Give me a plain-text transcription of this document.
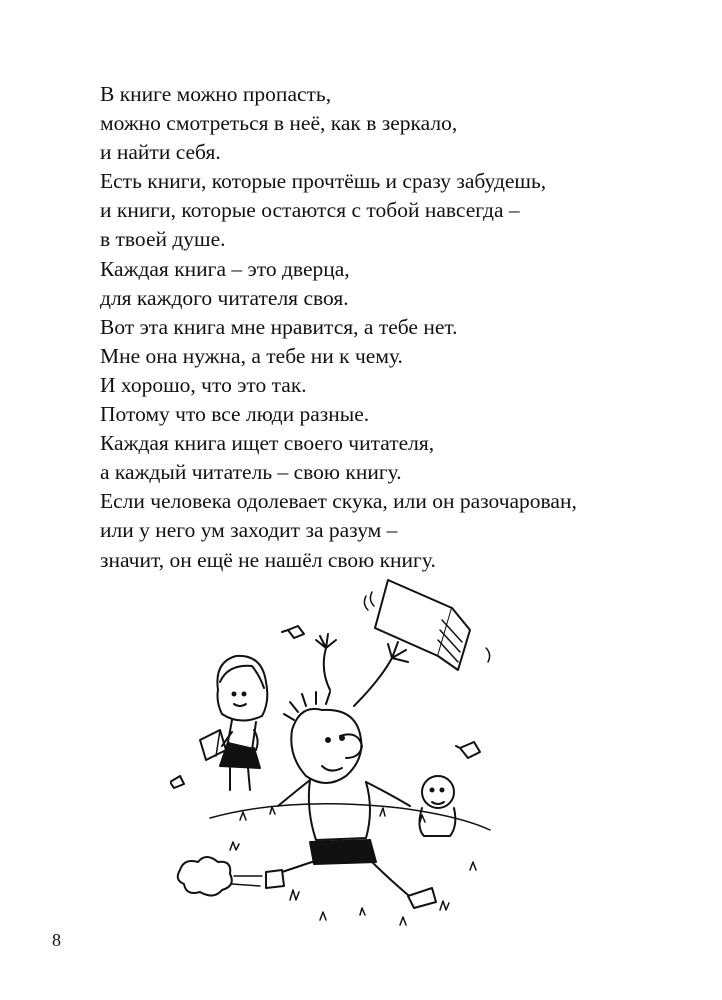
В книге можно пропасть,
можно смотреться в неё, как в зеркало,
и найти себя.
Есть книги, которые прочтёшь и сразу забудешь,
и книги, которые остаются с тобой навсегда –
в твоей душе.
Каждая книга – это дверца,
для каждого читателя своя.
Вот эта книга мне нравится, а тебе нет.
Мне она нужна, а тебе ни к чему.
И хорошо, что это так.
Потому что все люди разные.
Каждая книга ищет своего читателя,
а каждый читатель – свою книгу.
Если человека одолевает скука, или он разочарован,
или у него ум заходит за разум –
значит, он ещё не нашёл свою книгу.
8
